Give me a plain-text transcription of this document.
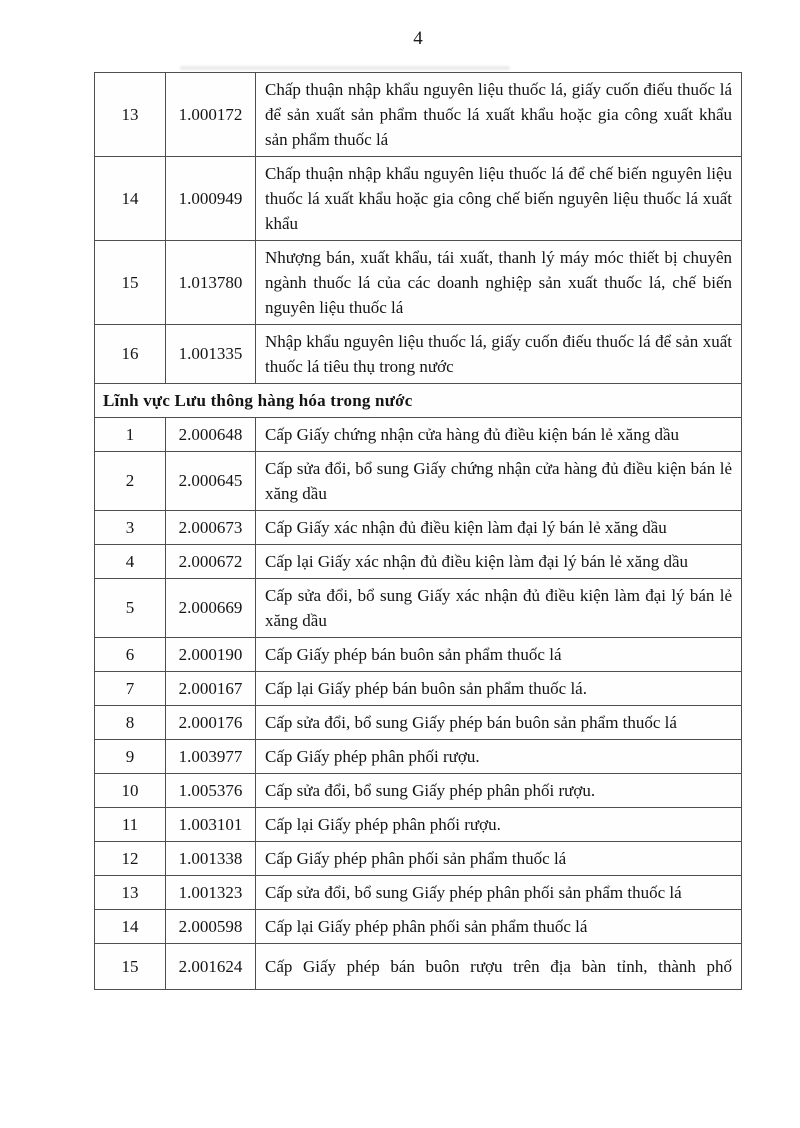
4
13	1.000172	Chấp thuận nhập khẩu nguyên liệu thuốc lá, giấy cuốn điếu thuốc lá để sản xuất sản phẩm thuốc lá xuất khẩu hoặc gia công xuất khẩu sản phẩm thuốc lá
14	1.000949	Chấp thuận nhập khẩu nguyên liệu thuốc lá để chế biến nguyên liệu thuốc lá xuất khẩu hoặc gia công chế biến nguyên liệu thuốc lá xuất khẩu
15	1.013780	Nhượng bán, xuất khẩu, tái xuất, thanh lý máy móc thiết bị chuyên ngành thuốc lá của các doanh nghiệp sản xuất thuốc lá, chế biến nguyên liệu thuốc lá
16	1.001335	Nhập khẩu nguyên liệu thuốc lá, giấy cuốn điếu thuốc lá để sản xuất thuốc lá tiêu thụ trong nước
Lĩnh vực Lưu thông hàng hóa trong nước		
1	2.000648	Cấp Giấy chứng nhận cửa hàng đủ điều kiện bán lẻ xăng dầu
2	2.000645	Cấp sửa đổi, bổ sung Giấy chứng nhận cửa hàng đủ điều kiện bán lẻ xăng dầu
3	2.000673	Cấp Giấy xác nhận đủ điều kiện làm đại lý bán lẻ xăng dầu
4	2.000672	Cấp lại Giấy xác nhận đủ điều kiện làm đại lý bán lẻ xăng dầu
5	2.000669	Cấp sửa đổi, bổ sung Giấy xác nhận đủ điều kiện làm đại lý bán lẻ xăng dầu
6	2.000190	Cấp Giấy phép bán buôn sản phẩm thuốc lá
7	2.000167	Cấp lại Giấy phép bán buôn sản phẩm thuốc lá.
8	2.000176	Cấp sửa đổi, bổ sung Giấy phép bán buôn sản phẩm thuốc lá
9	1.003977	Cấp Giấy phép phân phối rượu.
10	1.005376	Cấp sửa đổi, bổ sung Giấy phép phân phối rượu.
11	1.003101	Cấp lại Giấy phép phân phối rượu.
12	1.001338	Cấp Giấy phép phân phối sản phẩm thuốc lá
13	1.001323	Cấp sửa đổi, bổ sung Giấy phép phân phối sản phẩm thuốc lá
14	2.000598	Cấp lại Giấy phép phân phối sản phẩm thuốc lá
15	2.001624	Cấp Giấy phép bán buôn rượu trên địa bàn tỉnh, thành phố
